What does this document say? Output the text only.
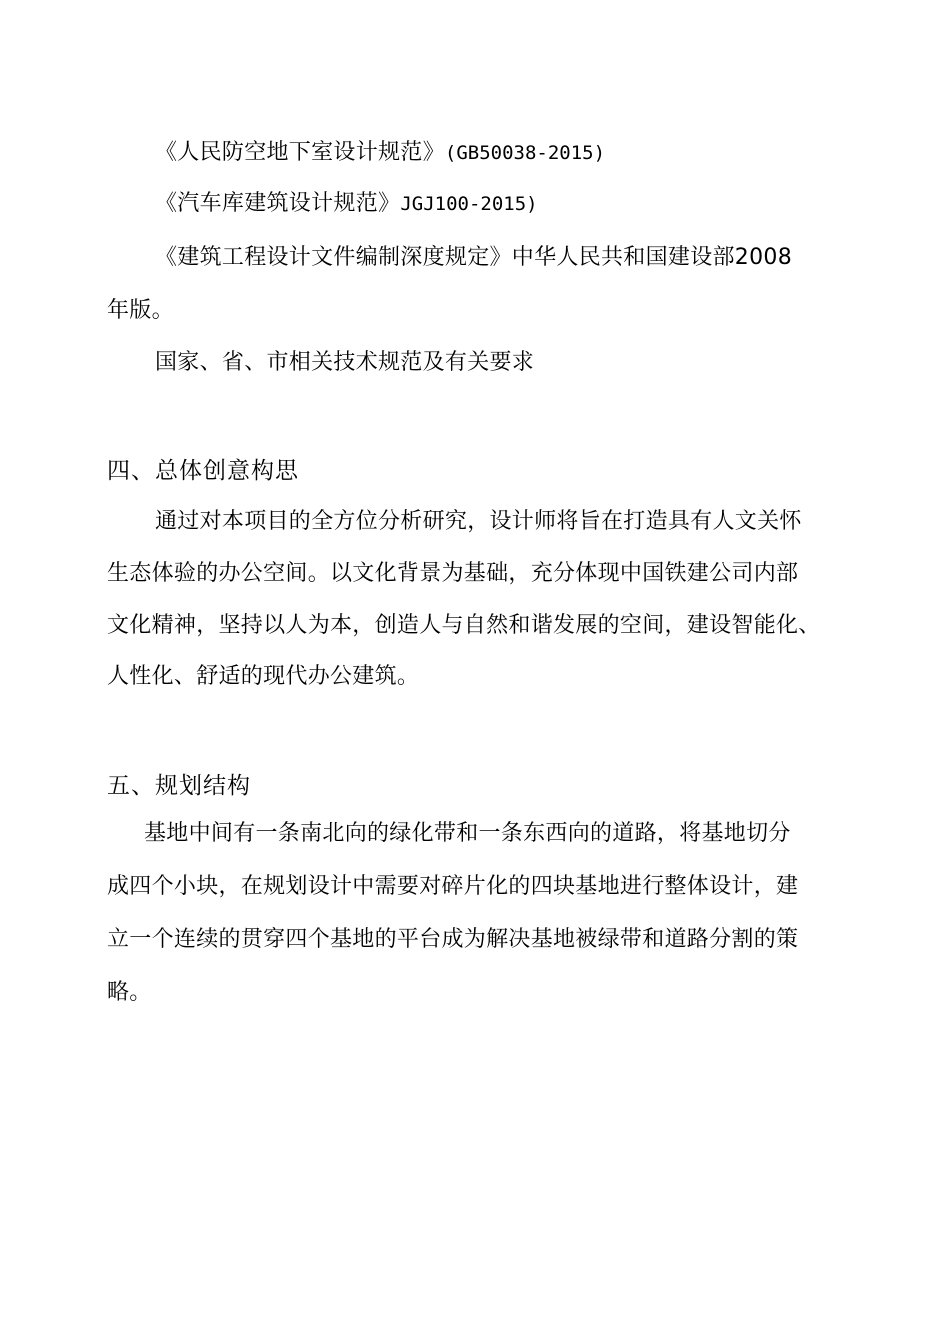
《人民防空地下室设计规范》(GB50038-2015)
《汽车库建筑设计规范》JGJ100-2015)
《建筑工程设计文件编制深度规定》中华人民共和国建设部2008
年版。
国家、省、市相关技术规范及有关要求
四、总体创意构思
通过对本项目的全方位分析研究，设计师将旨在打造具有人文关怀
生态体验的办公空间。以文化背景为基础，充分体现中国铁建公司内部
文化精神，坚持以人为本，创造人与自然和谐发展的空间，建设智能化、
人性化、舒适的现代办公建筑。
五、规划结构
基地中间有一条南北向的绿化带和一条东西向的道路，将基地切分
成四个小块，在规划设计中需要对碎片化的四块基地进行整体设计，建
立一个连续的贯穿四个基地的平台成为解决基地被绿带和道路分割的策
略。
